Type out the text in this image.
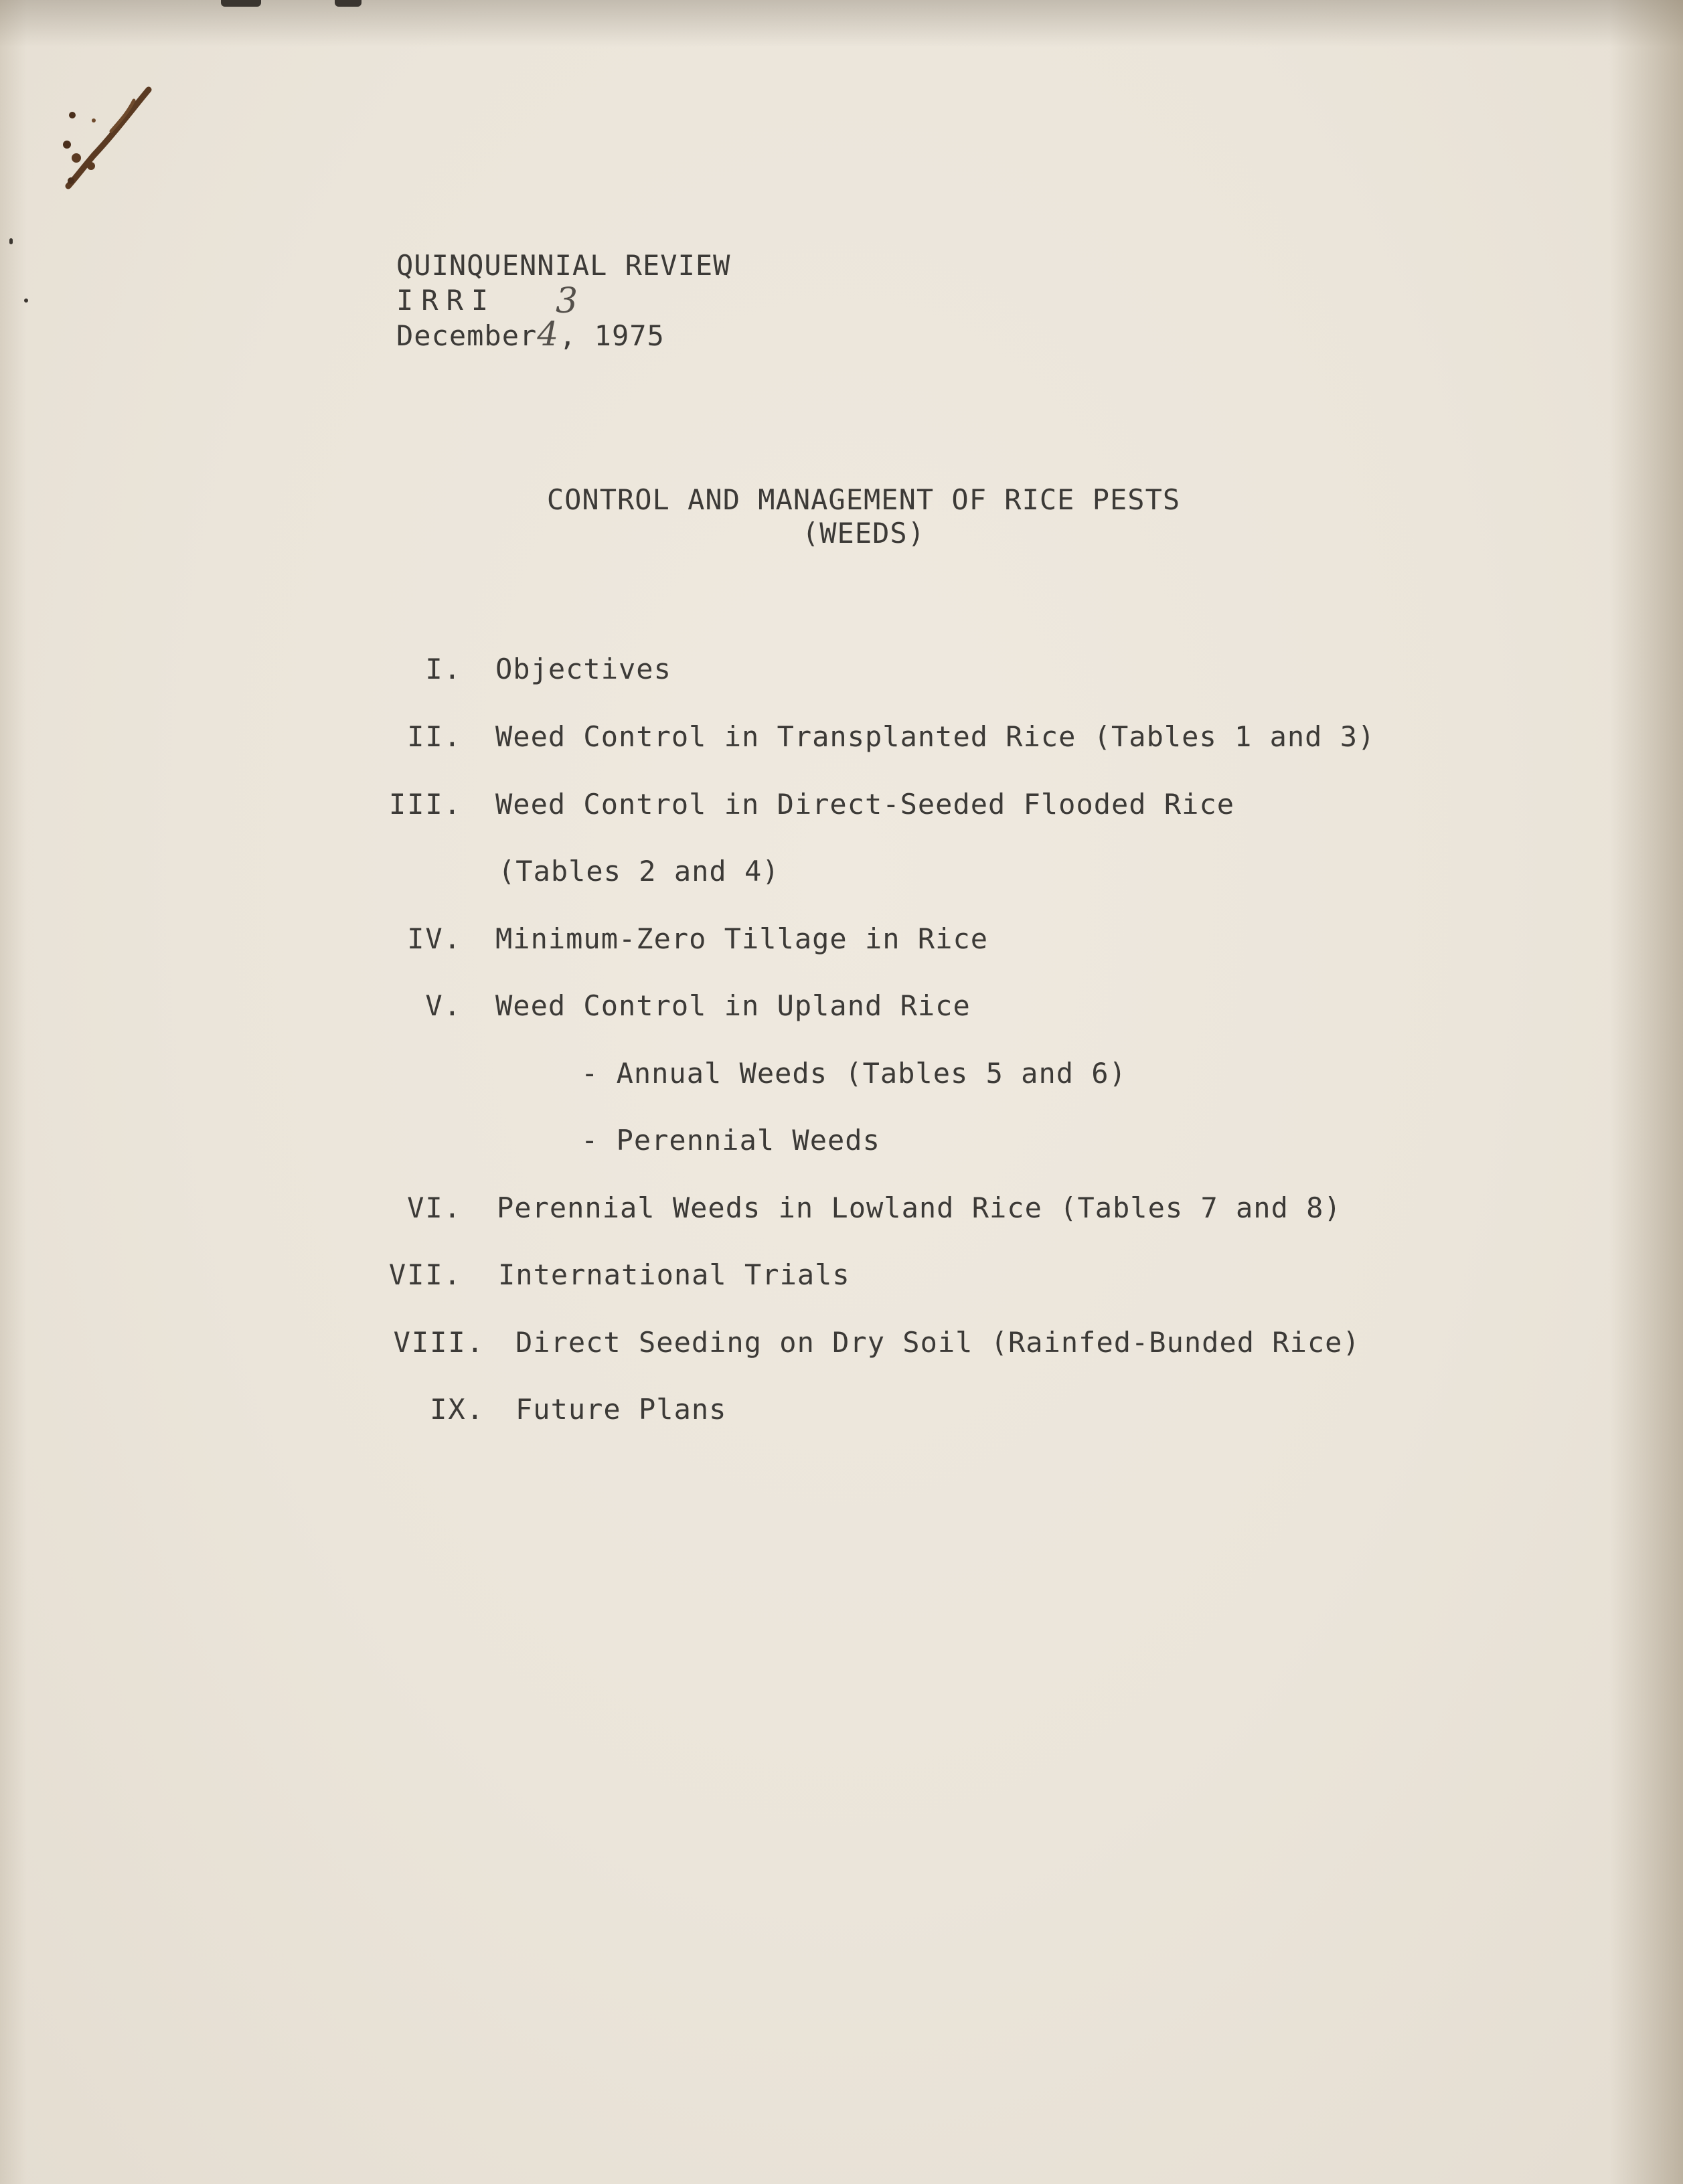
QUINQUENNIAL REVIEW
IRRI 3
December4, 1975
CONTROL AND MANAGEMENT OF RICE PESTS
(WEEDS)
I. Objectives
II. Weed Control in Transplanted Rice (Tables 1 and 3)
III. Weed Control in Direct-Seeded Flooded Rice
(Tables 2 and 4)
IV. Minimum-Zero Tillage in Rice
V. Weed Control in Upland Rice
- Annual Weeds (Tables 5 and 6)
- Perennial Weeds
VI. Perennial Weeds in Lowland Rice (Tables 7 and 8)
VII. International Trials
VIII. Direct Seeding on Dry Soil (Rainfed-Bunded Rice)
IX. Future Plans
